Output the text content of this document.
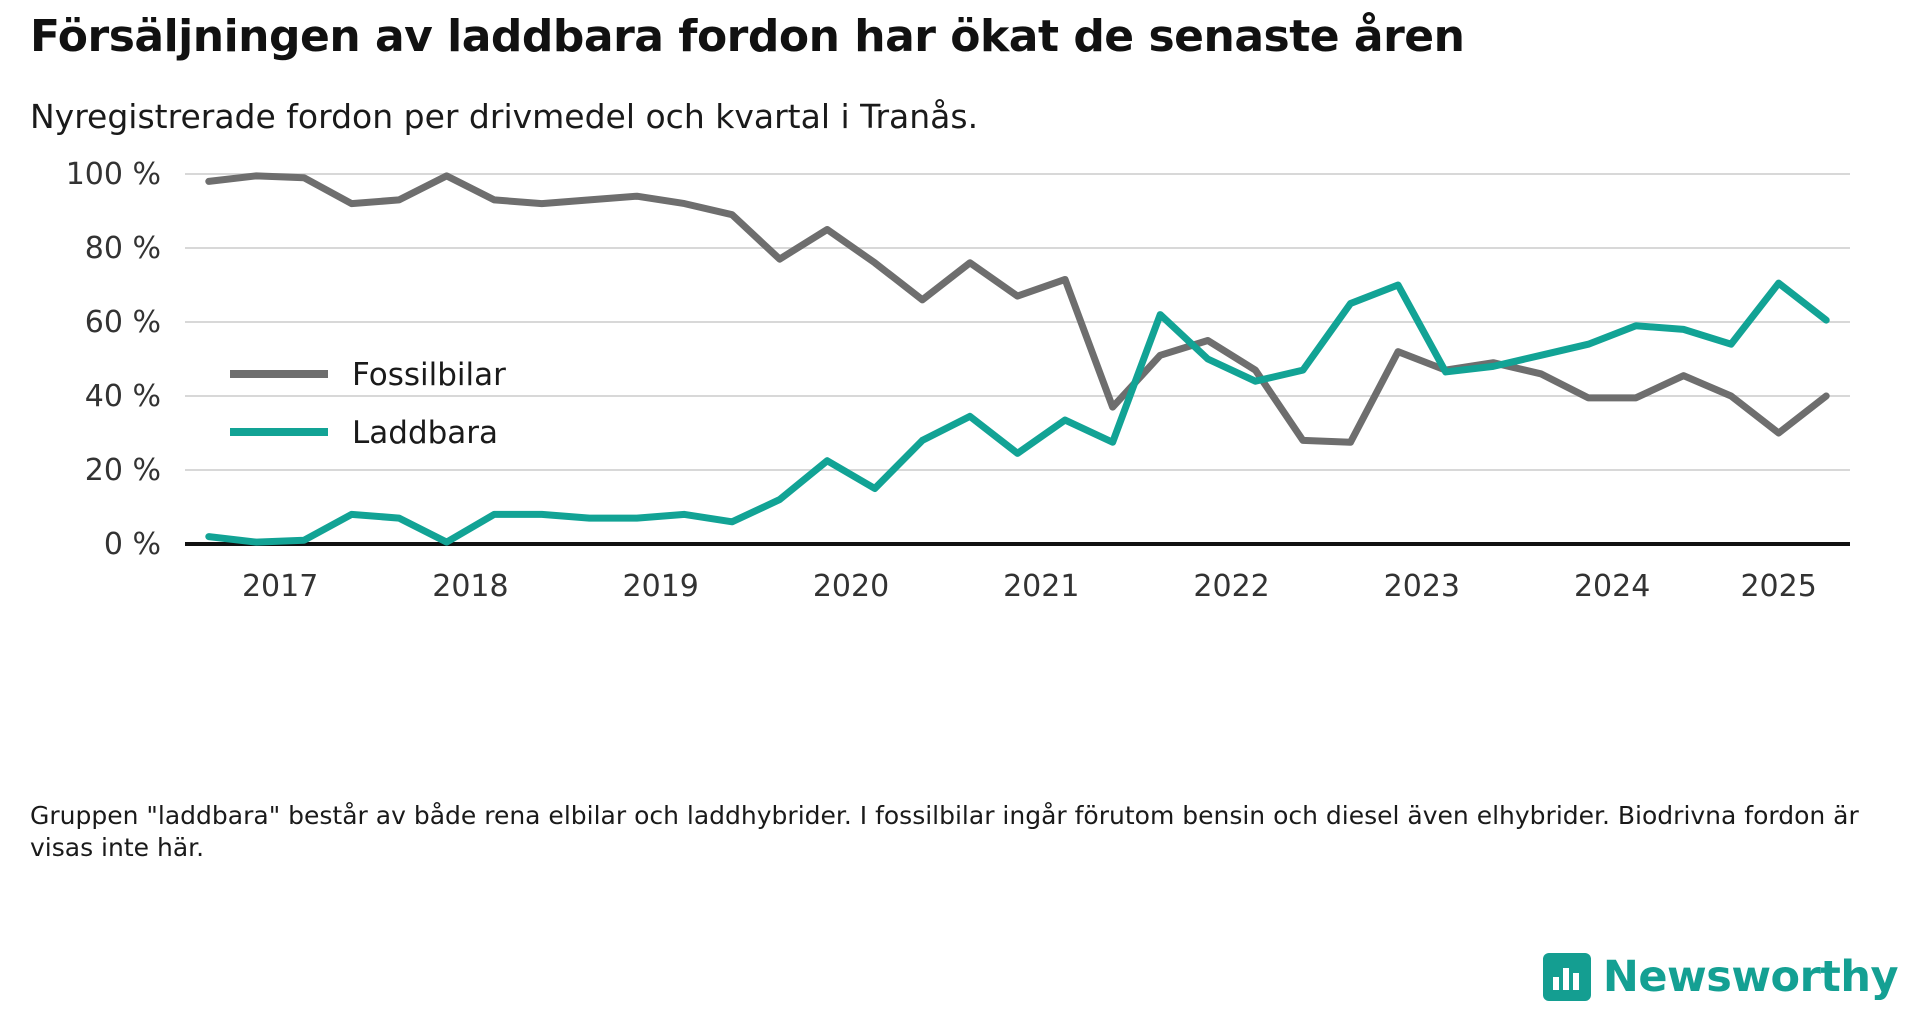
Försäljningen av laddbara fordon har ökat de senaste åren
Nyregistrerade fordon per drivmedel och kvartal i Tranås.
0 %
20 %
40 %
60 %
80 %
100 %
2017	2018	2019	2020	2021	2022	2023	2024	2025
Fossilbilar
Laddbara
Gruppen "laddbara" består av både rena elbilar och laddhybrider. I fossilbilar ingår förutom bensin och diesel även elhybrider. Biodrivna fordon är visas inte här.
Newsworthy
